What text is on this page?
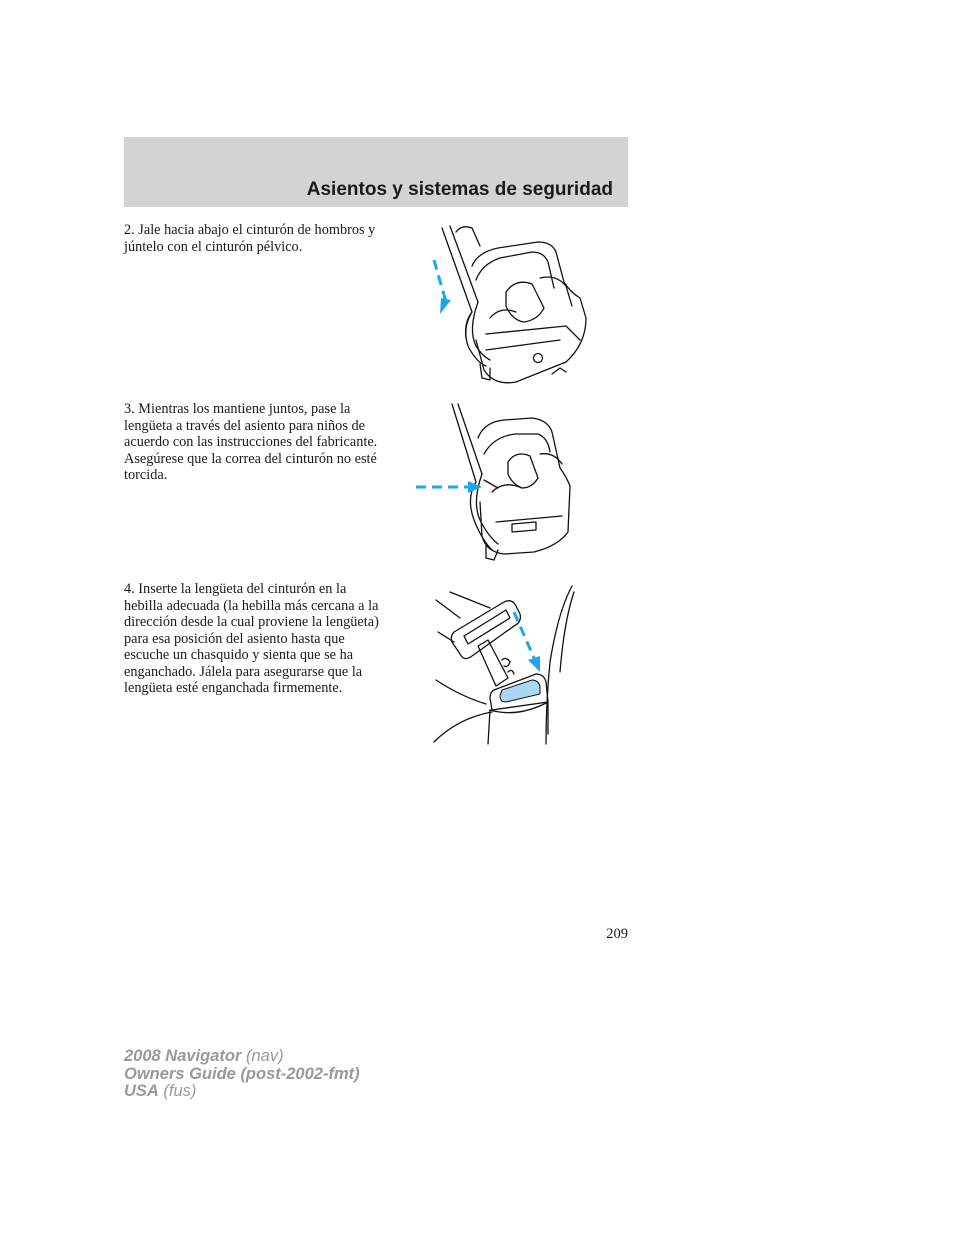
Asientos y sistemas de seguridad

2. Jale hacia abajo el cinturón de hombros y júntelo con el cinturón pélvico.

3. Mientras los mantiene juntos, pase la lengüeta a través del asiento para niños de acuerdo con las instrucciones del fabricante. Asegúrese que la correa del cinturón no esté torcida.

4. Inserte la lengüeta del cinturón en la hebilla adecuada (la hebilla más cercana a la dirección desde la cual proviene la lengüeta) para esa posición del asiento hasta que escuche un chasquido y sienta que se ha enganchado. Jálela para asegurarse que la lengüeta esté enganchada firmemente.

209
2008 Navigator (nav)
Owners Guide (post-2002-fmt)
USA (fus)
